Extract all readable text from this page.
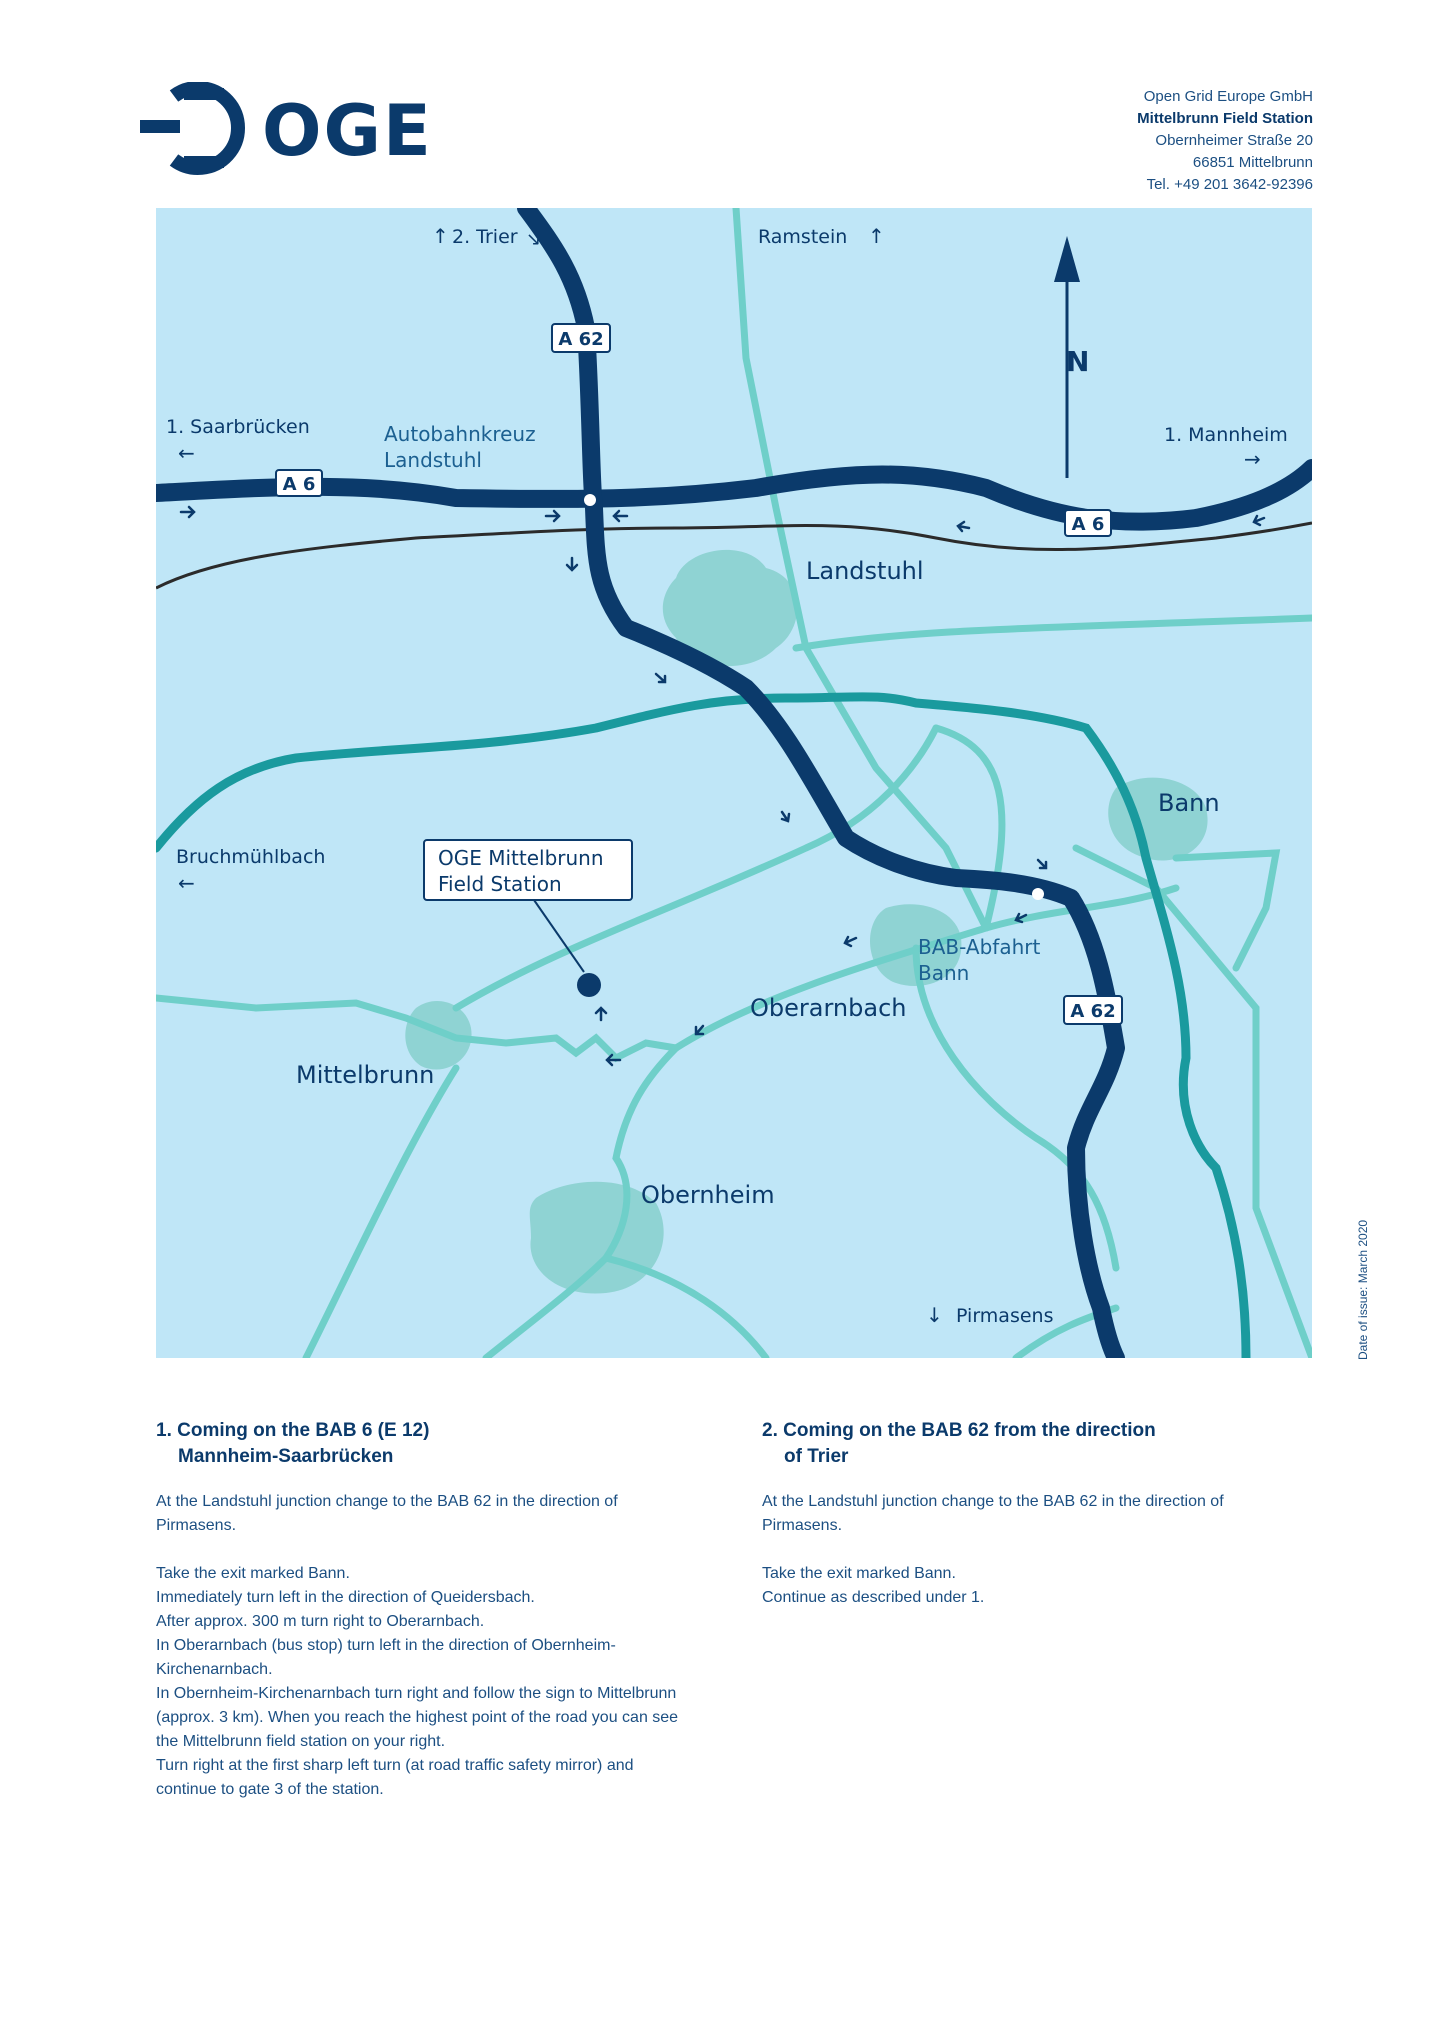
OGE	Open Grid Europe GmbH
Mittelbrunn Field Station
Obernheimer Straße 20
66851 Mittelbrunn
Tel. +49 201 3642-92396
N
↑ 2. Trier ↘	Ramstein ↑
1. Saarbrücken
←
1. Mannheim
→
Bruchmühlbach
←
↓ Pirmasens
A 62
A 6
A 6
A 62
Autobahnkreuz
Landstuhl
Landstuhl
Bann
BAB-Abfahrt
Bann
Oberarnbach
Mittelbrunn
Obernheim
OGE Mittelbrunn
Field Station
Date of issue: March 2020
1. Coming on the BAB 6 (E 12)
Mannheim-Saarbrücken

At the Landstuhl junction change to the BAB 62 in the direction of Pirmasens.

Take the exit marked Bann.
Immediately turn left in the direction of Queidersbach.
After approx. 300 m turn right to Oberarnbach.
In Oberarnbach (bus stop) turn left in the direction of Obernheim-Kirchenarnbach.
In Obernheim-Kirchenarnbach turn right and follow the sign to Mittelbrunn (approx. 3 km). When you reach the highest point of the road you can see the Mittelbrunn field station on your right.
Turn right at the first sharp left turn (at road traffic safety mirror) and continue to gate 3 of the station.

2. Coming on the BAB 62 from the direction
of Trier

At the Landstuhl junction change to the BAB 62 in the direction of Pirmasens.

Take the exit marked Bann.
Continue as described under 1.
